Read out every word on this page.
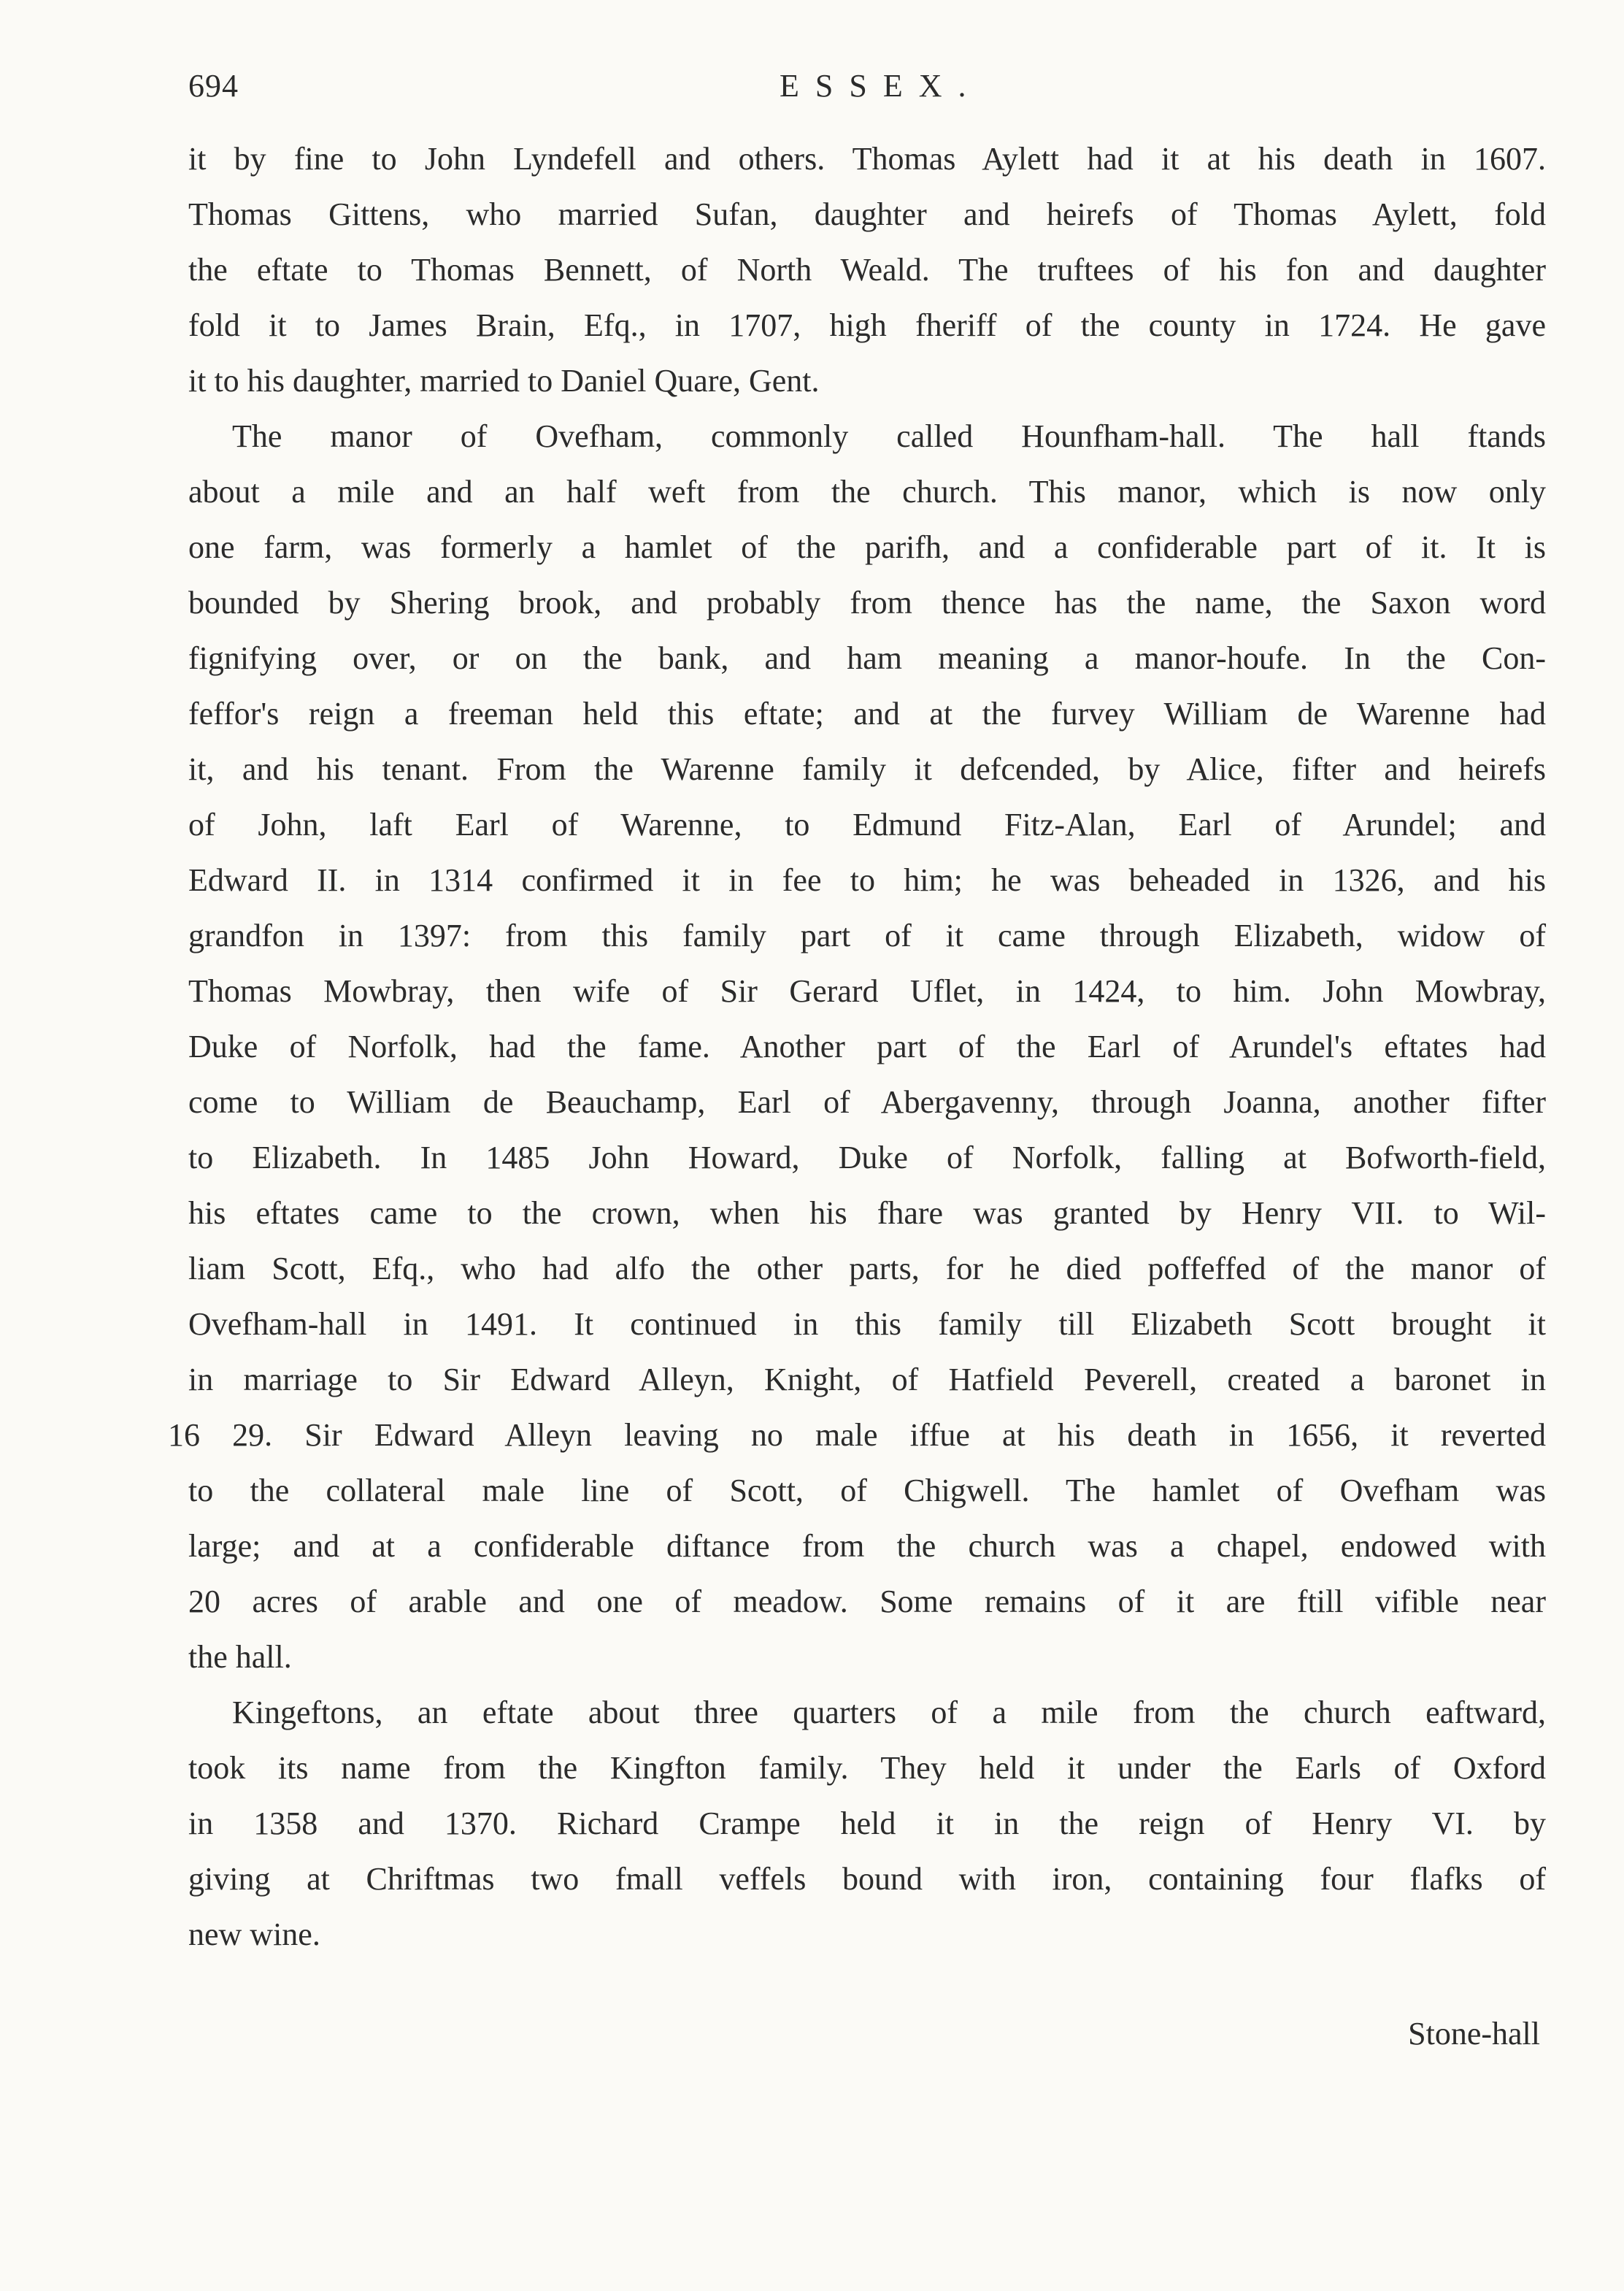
694	ESSEX.
it by fine to John Lyndefell and others. Thomas Aylett had it at his death in 1607.
Thomas Gittens, who married Sufan, daughter and heirefs of Thomas Aylett, fold
the eftate to Thomas Bennett, of North Weald. The truftees of his fon and daughter
fold it to James Brain, Efq., in 1707, high fheriff of the county in 1724. He gave
it to his daughter, married to Daniel Quare, Gent.
The manor of Ovefham, commonly called Hounfham-hall. The hall ftands
about a mile and an half weft from the church. This manor, which is now only
one farm, was formerly a hamlet of the parifh, and a confiderable part of it. It is
bounded by Shering brook, and probably from thence has the name, the Saxon word
fignifying over, or on the bank, and ham meaning a manor-houfe. In the Con-
feffor's reign a freeman held this eftate; and at the furvey William de Warenne had
it, and his tenant. From the Warenne family it defcended, by Alice, fifter and heirefs
of John, laft Earl of Warenne, to Edmund Fitz-Alan, Earl of Arundel; and
Edward II. in 1314 confirmed it in fee to him; he was beheaded in 1326, and his
grandfon in 1397: from this family part of it came through Elizabeth, widow of
Thomas Mowbray, then wife of Sir Gerard Uflet, in 1424, to him. John Mowbray,
Duke of Norfolk, had the fame. Another part of the Earl of Arundel's eftates had
come to William de Beauchamp, Earl of Abergavenny, through Joanna, another fifter
to Elizabeth. In 1485 John Howard, Duke of Norfolk, falling at Bofworth-field,
his eftates came to the crown, when his fhare was granted by Henry VII. to Wil-
liam Scott, Efq., who had alfo the other parts, for he died poffeffed of the manor of
Ovefham-hall in 1491. It continued in this family till Elizabeth Scott brought it
in marriage to Sir Edward Alleyn, Knight, of Hatfield Peverell, created a baronet in
16 29. Sir Edward Alleyn leaving no male iffue at his death in 1656, it reverted
to the collateral male line of Scott, of Chigwell. The hamlet of Ovefham was
large; and at a confiderable diftance from the church was a chapel, endowed with
20 acres of arable and one of meadow. Some remains of it are ftill vifible near
the hall.
Kingeftons, an eftate about three quarters of a mile from the church eaftward,
took its name from the Kingfton family. They held it under the Earls of Oxford
in 1358 and 1370. Richard Crampe held it in the reign of Henry VI. by
giving at Chriftmas two fmall veffels bound with iron, containing four flafks of
new wine.
Stone-hall
